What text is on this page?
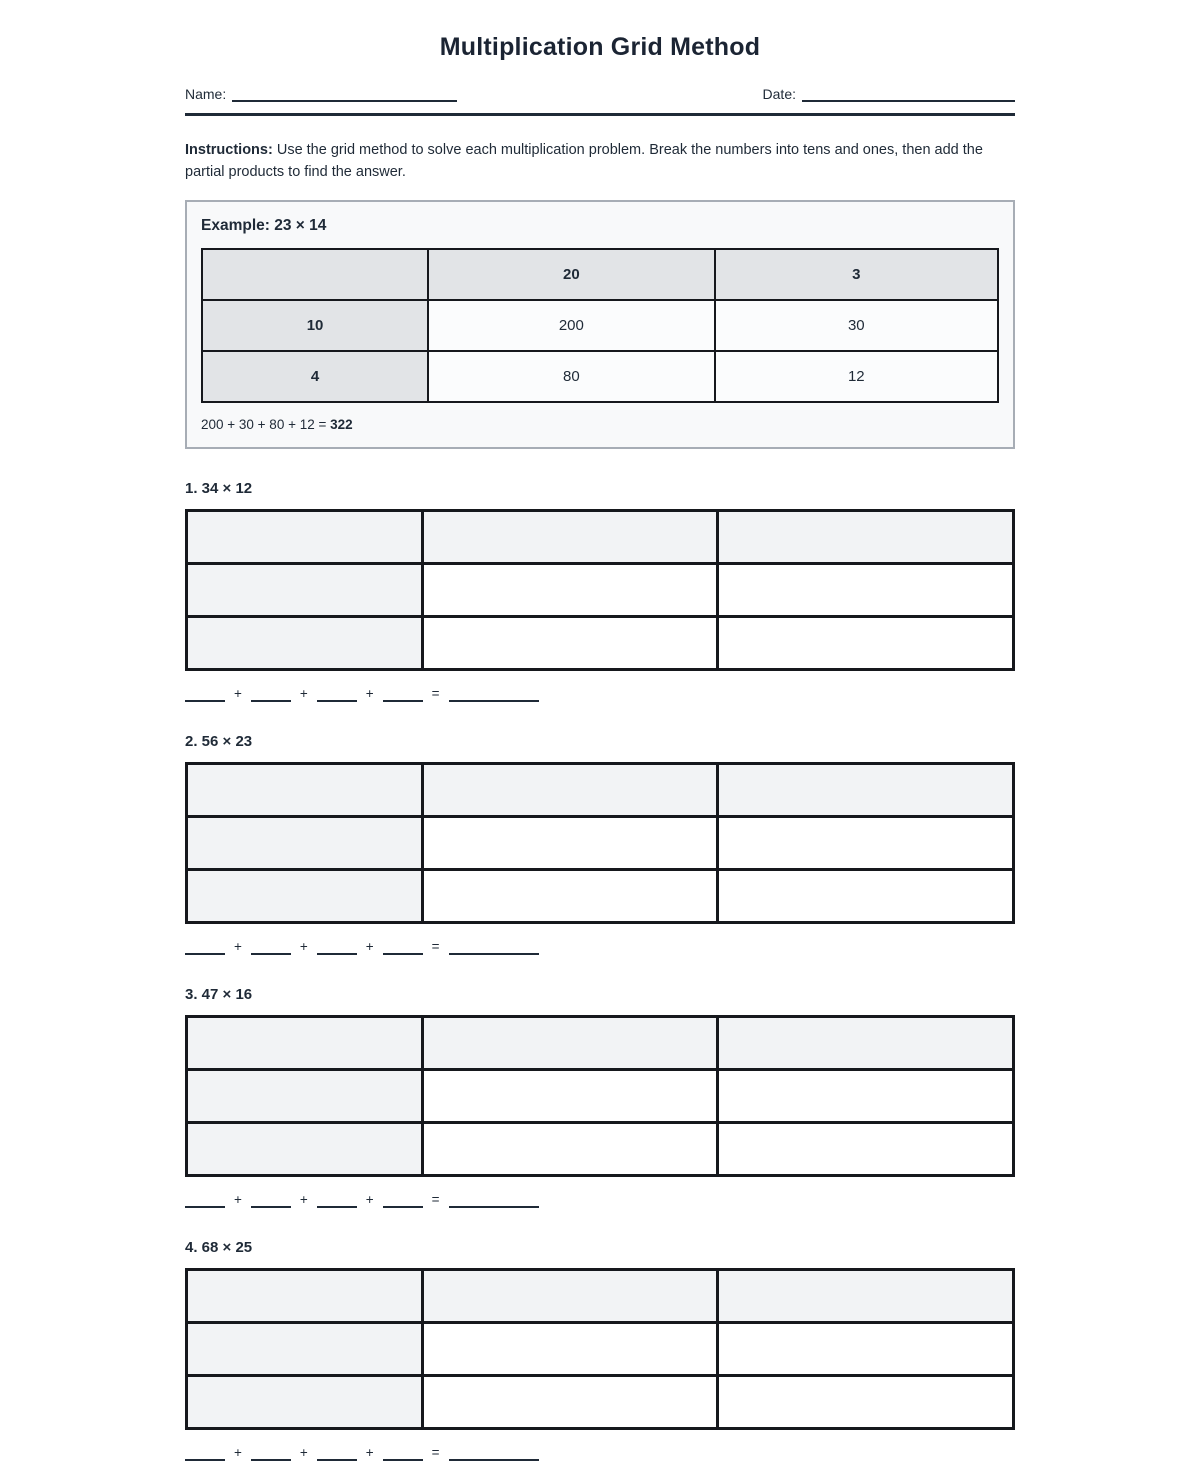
Multiplication Grid Method
Name:	Date:

Instructions: Use the grid method to solve each multiplication problem. Break the numbers into tens and ones, then add the partial products to find the answer.

Example: 23 × 14
	20	3
10	200	30
4	80	12
200 + 30 + 80 + 12 = 322
1. 34 × 12

+	+	+	=
2. 56 × 23

+	+	+	=
3. 47 × 16

+	+	+	=
4. 68 × 25

+	+	+	=
